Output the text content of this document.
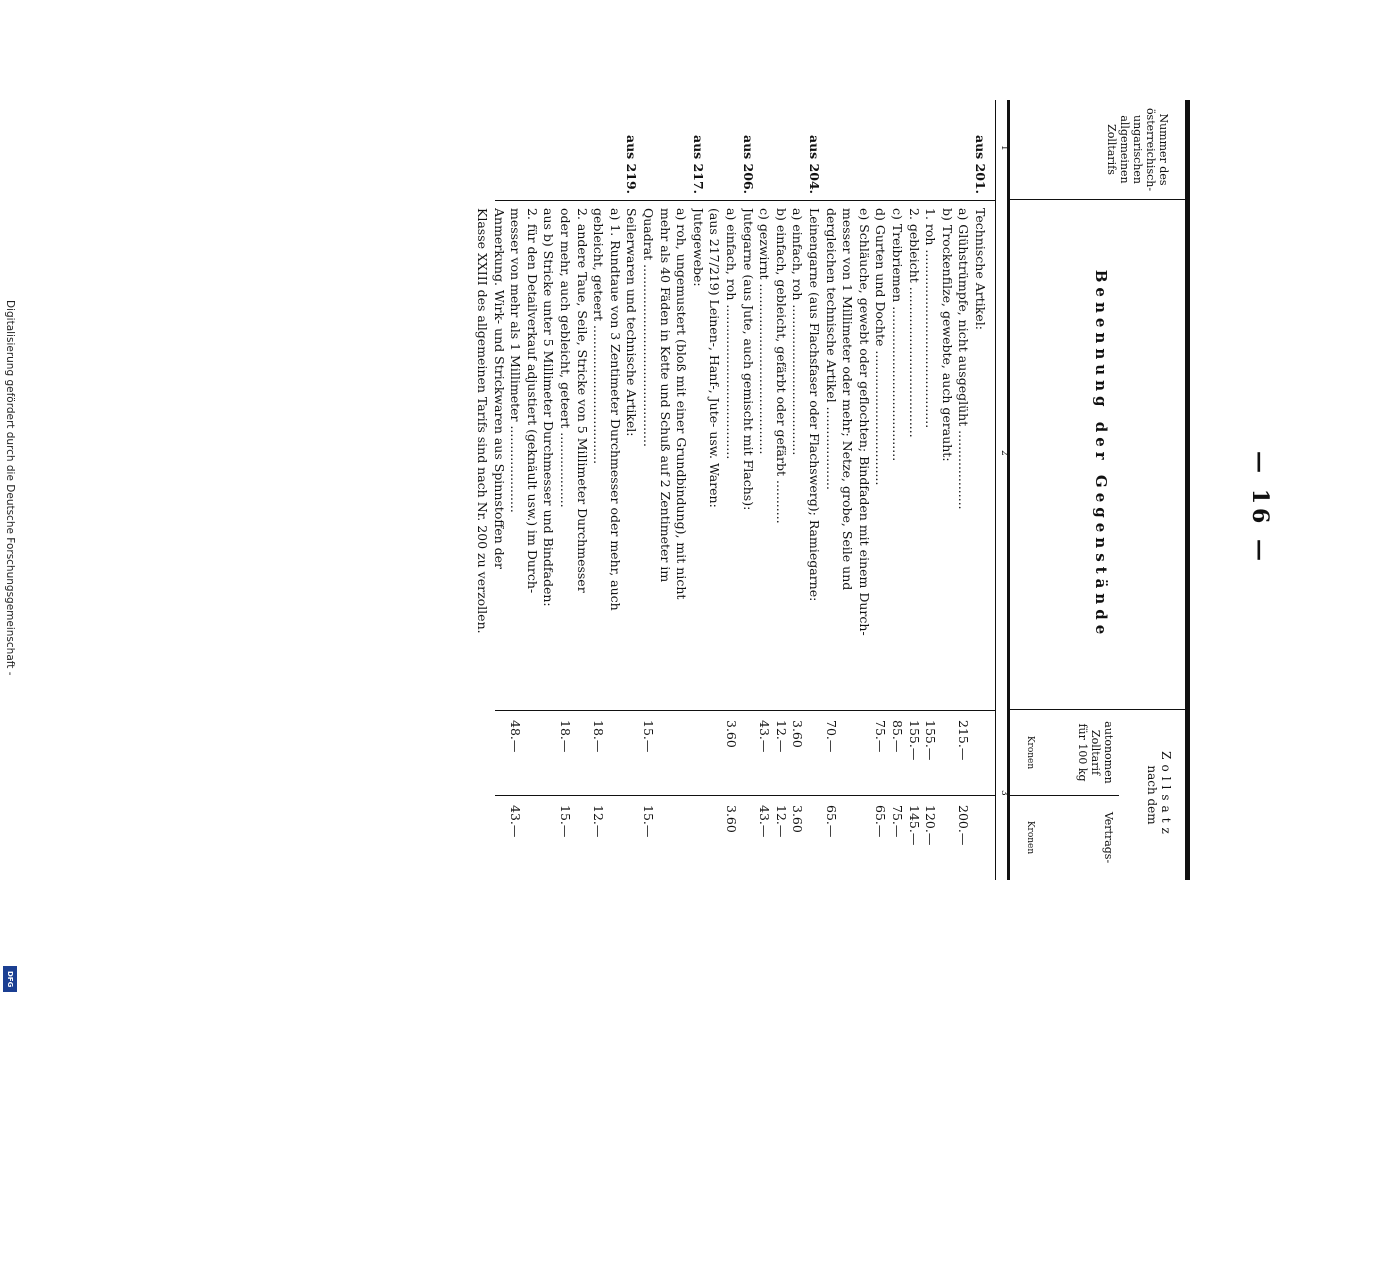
Digitalisierung gefördert durch die Deutsche Forschungsgemeinschaft -
DFG
— 16 —
Nummer des österreichisch-ungarischen allgemeinen Zolltarifs
Benennung der Gegenstände
Zollsatz
nach dem
autonomen
Zolltarif
für 100 kg
Vertrags-
Kronen
Kronen
1
2
3
aus 201.
Technische Artikel:
a) Glühstrümpfe, nicht ausgeglüht ....................
215.—
200.—
b) Trockenfilze, gewebte, auch gerauht:
1. roh .............................................
155.—
120.—
2. gebleicht ......................................
155.—
145.—
c) Treibriemen .......................................
85.—
75.—
d) Gurten und Dochte ..................................
75.—
65.—
e) Schläuche, gewebt oder geflochten; Bindfaden mit einem Durch-
messer von 1 Millimeter oder mehr; Netze, grobe, Seile und
dergleichen technische Artikel .....................
70.—
65.—
aus 204.
Leinengarne (aus Flachsfaser oder Flachswerg); Ramiegarne:
a) einfach, roh ......................................
3.60
3.60
b) einfach, gebleicht, gefärbt oder gefärbt ...........
12.—
12.—
c) gezwirnt ...........................................
43.—
43.—
aus 206.
Jutegarne (aus Jute, auch gemischt mit Flachs):
a) einfach, roh .......................................
3.60
3.60
(aus 217/219) Leinen-, Hanf-, Jute- usw. Waren:
aus 217.
Jutegewebe:
a) roh, ungemustert (bloß mit einer Grundbindung), mit nicht
mehr als 40 Fäden in Kette und Schuß auf 2 Zentimeter im
Quadrat ..............................................
15.—
15.—
aus 219.
Seilerwaren und technische Artikel:
a) 1. Rundtaue von 3 Zentimeter Durchmesser oder mehr, auch
gebleicht, geteert ...................................
18.—
12.—
2. andere Taue, Seile, Stricke von 5 Millimeter Durchmesser
oder mehr, auch gebleicht, geteert ...................
18.—
15.—
aus b) Stricke unter 5 Millimeter Durchmesser und Bindfaden:
2. für den Detailverkauf adjustiert (geknäult usw.) im Durch-
messer von mehr als 1 Millimeter ......................
48.—
43.—
Anmerkung. Wirk- und Strickwaren aus Spinnstoffen der
Klasse XXIII des allgemeinen Tarifs sind nach Nr. 200 zu verzollen.
